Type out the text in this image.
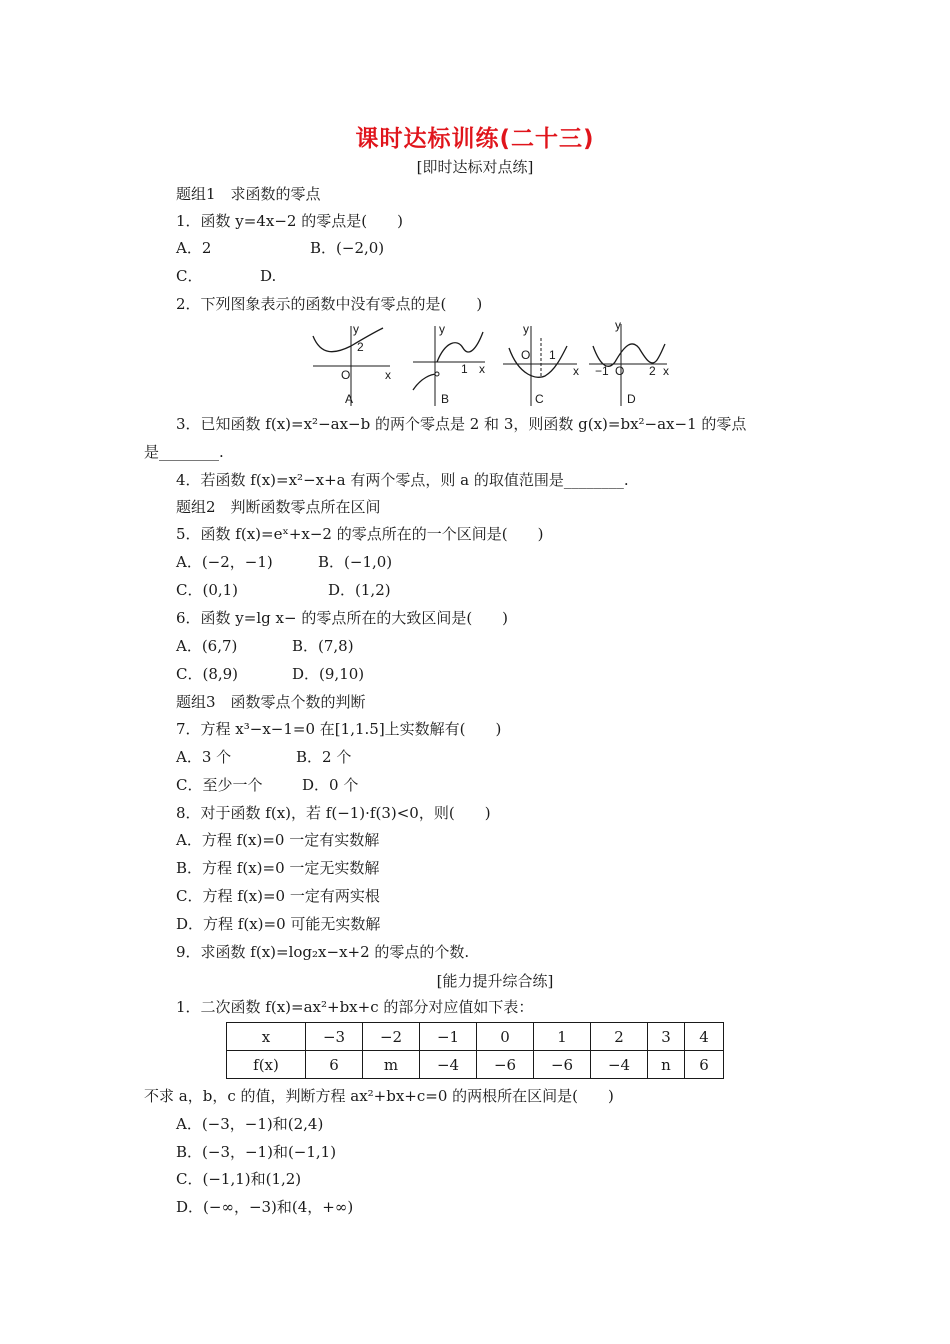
课时达标训练(二十三)
[即时达标对点练]
题组1　求函数的零点
1．函数 y=4x−2 的零点是(　　)
A．2	B．(−2,0)
C．	D.
2．下列图象表示的函数中没有零点的是(　　)
y
2
O	x
y
1 x
y
1
O
x
y
−1 O 2 x
A	B	C	D
3．已知函数 f(x)=x²−ax−b 的两个零点是 2 和 3，则函数 g(x)=bx²−ax−1 的零点
是________.
4．若函数 f(x)=x²−x+a 有两个零点，则 a 的取值范围是________.
题组2　判断函数零点所在区间
5．函数 f(x)=eˣ+x−2 的零点所在的一个区间是(　　)
A．(−2，−1)	B．(−1,0)
C．(0,1)	D．(1,2)
6．函数 y=lg x− 的零点所在的大致区间是(　　)
A．(6,7)	B．(7,8)
C．(8,9)	D．(9,10)
题组3　函数零点个数的判断
7．方程 x³−x−1=0 在[1,1.5]上实数解有(　　)
A．3 个	B．2 个
C．至少一个	D．0 个
8．对于函数 f(x)，若 f(−1)·f(3)<0，则(　　)
A．方程 f(x)=0 一定有实数解
B．方程 f(x)=0 一定无实数解
C．方程 f(x)=0 一定有两实根
D．方程 f(x)=0 可能无实数解
9．求函数 f(x)=log₂x−x+2 的零点的个数.
[能力提升综合练]
1．二次函数 f(x)=ax²+bx+c 的部分对应值如下表：
x	−3	−2	−1	0	1	2	3	4
f(x)	6	m	−4	−6	−6	−4	n	6
不求 a，b，c 的值，判断方程 ax²+bx+c=0 的两根所在区间是(　　)
A．(−3，−1)和(2,4)
B．(−3，−1)和(−1,1)
C．(−1,1)和(1,2)
D．(−∞，−3)和(4，+∞)
